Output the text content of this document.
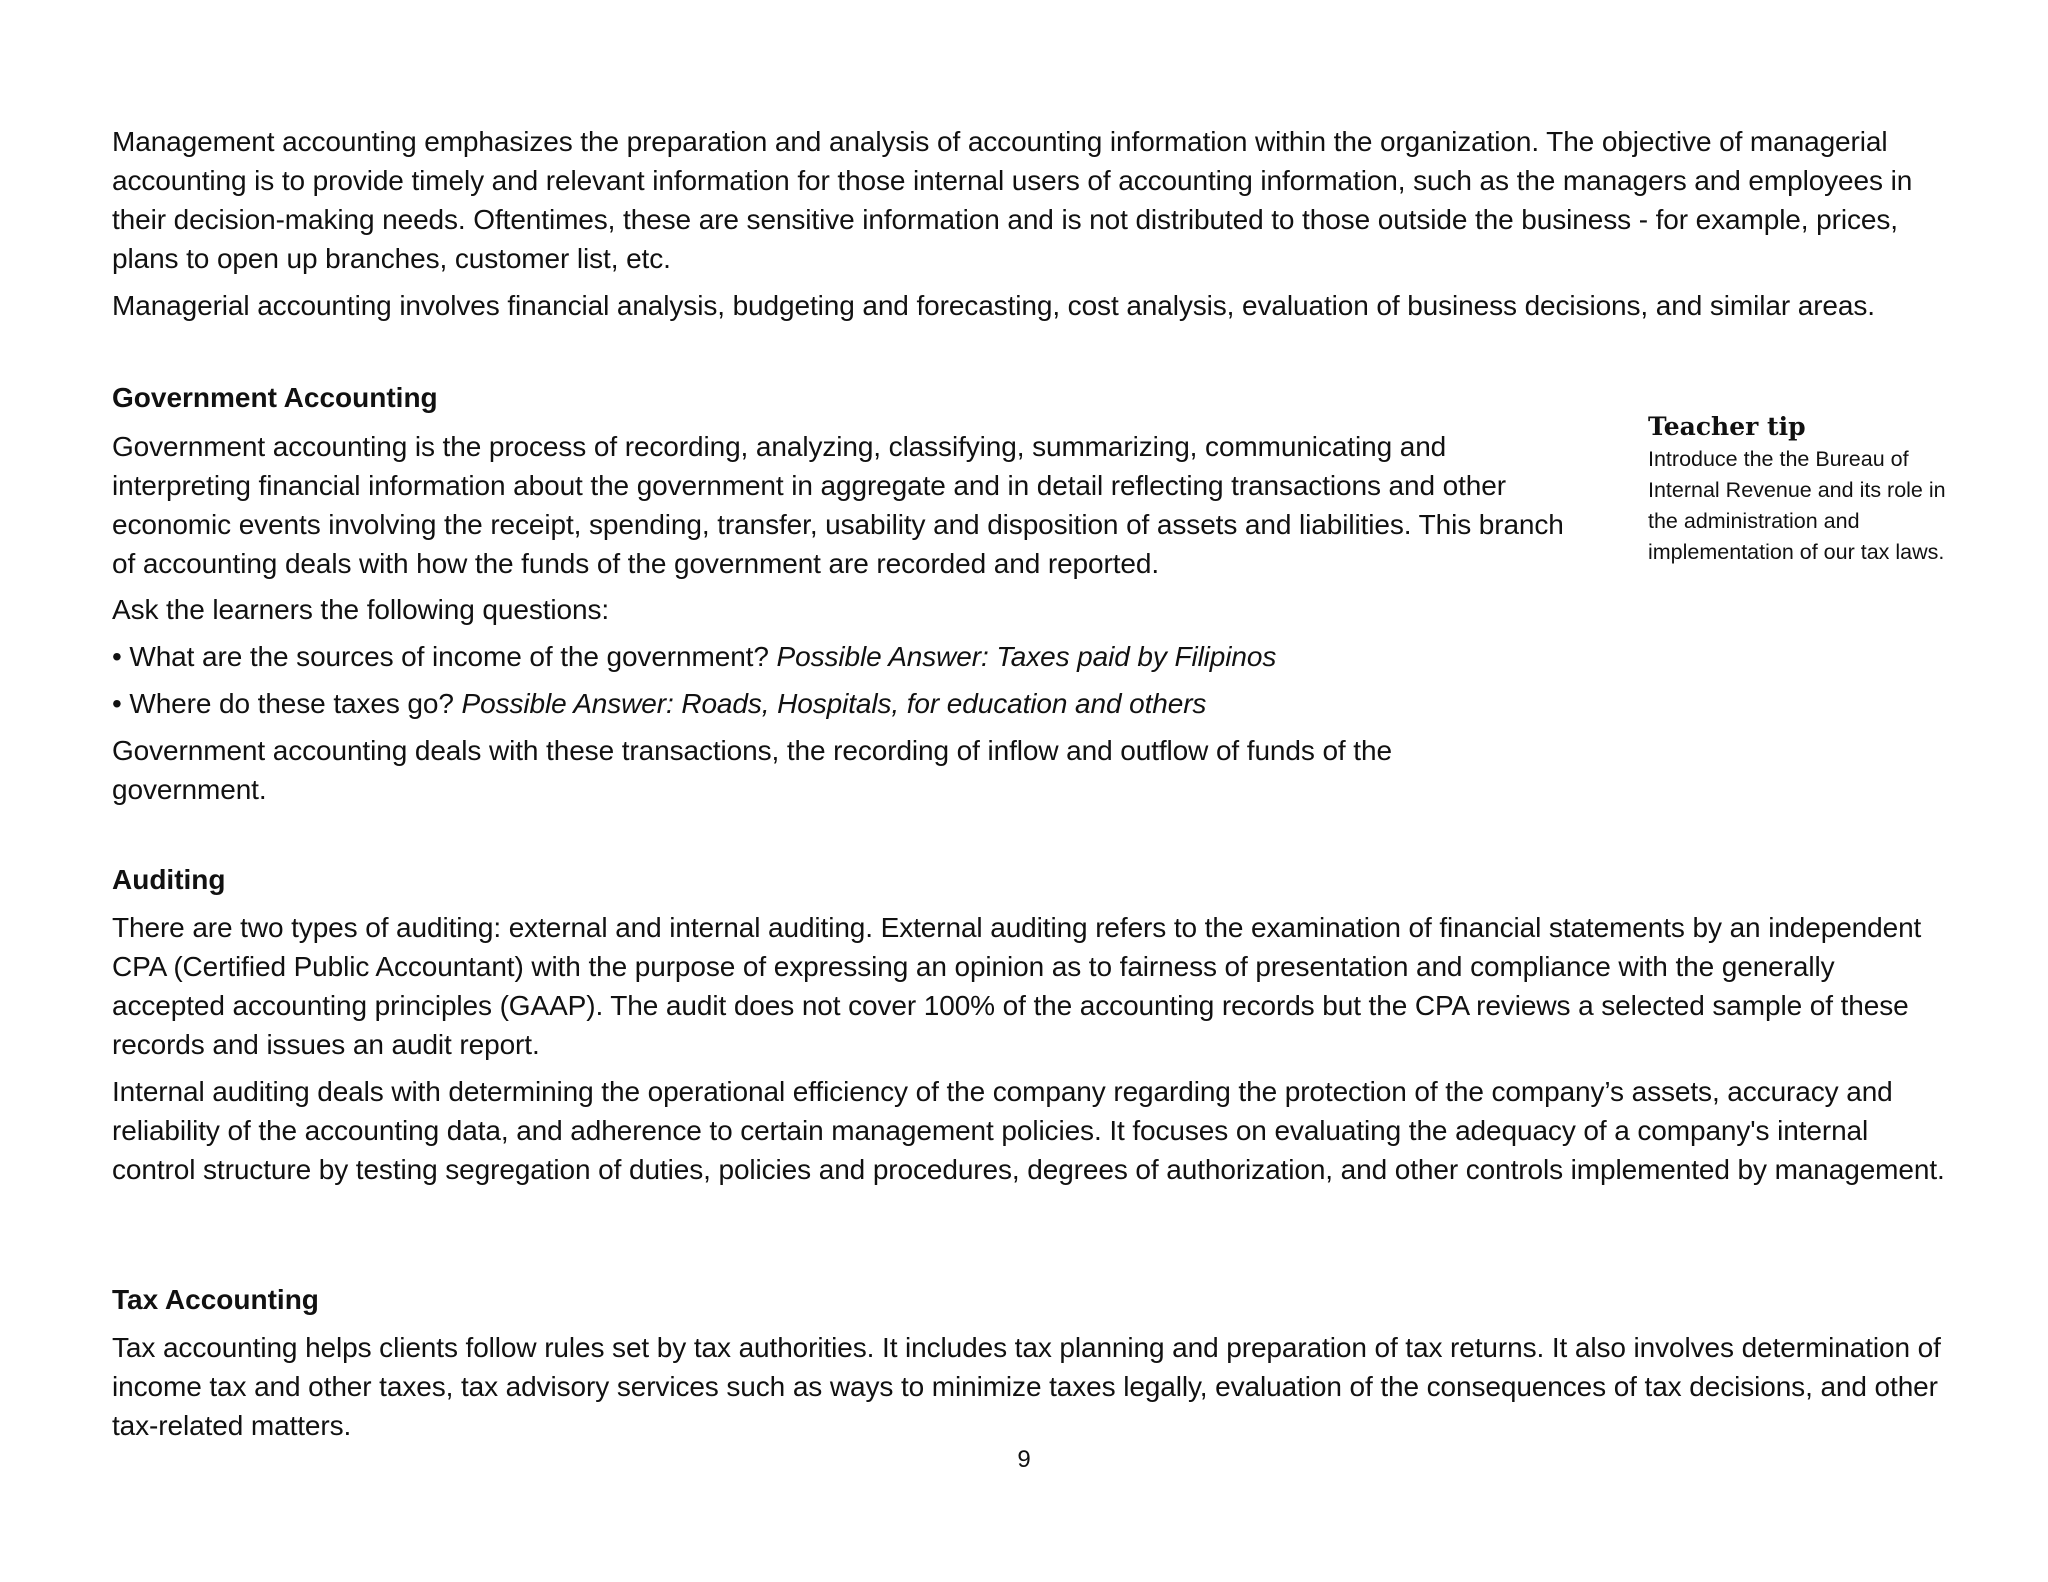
Management accounting emphasizes the preparation and analysis of accounting information within the organization. The objective of managerial accounting is to provide timely and relevant information for those internal users of accounting information, such as the managers and employees in their decision-making needs. Oftentimes, these are sensitive information and is not distributed to those outside the business - for example, prices, plans to open up branches, customer list, etc.

Managerial accounting involves financial analysis, budgeting and forecasting, cost analysis, evaluation of business decisions, and similar areas.

Government Accounting

Government accounting is the process of recording, analyzing, classifying, summarizing, communicating and interpreting financial information about the government in aggregate and in detail reflecting transactions and other economic events involving the receipt, spending, transfer, usability and disposition of assets and liabilities. This branch of accounting deals with how the funds of the government are recorded and reported.

Ask the learners the following questions:

• What are the sources of income of the government? Possible Answer: Taxes paid by Filipinos

• Where do these taxes go? Possible Answer: Roads, Hospitals, for education and others

Government accounting deals with these transactions, the recording of inflow and outflow of funds of the government.

Teacher tip

Introduce the the Bureau of Internal Revenue and its role in the administration and implementation of our tax laws.

Auditing

There are two types of auditing: external and internal auditing. External auditing refers to the examination of financial statements by an independent CPA (Certified Public Accountant) with the purpose of expressing an opinion as to fairness of presentation and compliance with the generally accepted accounting principles (GAAP). The audit does not cover 100% of the accounting records but the CPA reviews a selected sample of these records and issues an audit report.

Internal auditing deals with determining the operational efficiency of the company regarding the protection of the company’s assets, accuracy and reliability of the accounting data, and adherence to certain management policies. It focuses on evaluating the adequacy of a company's internal control structure by testing segregation of duties, policies and procedures, degrees of authorization, and other controls implemented by management.

Tax Accounting

Tax accounting helps clients follow rules set by tax authorities. It includes tax planning and preparation of tax returns. It also involves determination of income tax and other taxes, tax advisory services such as ways to minimize taxes legally, evaluation of the consequences of tax decisions, and other tax-related matters.

9
